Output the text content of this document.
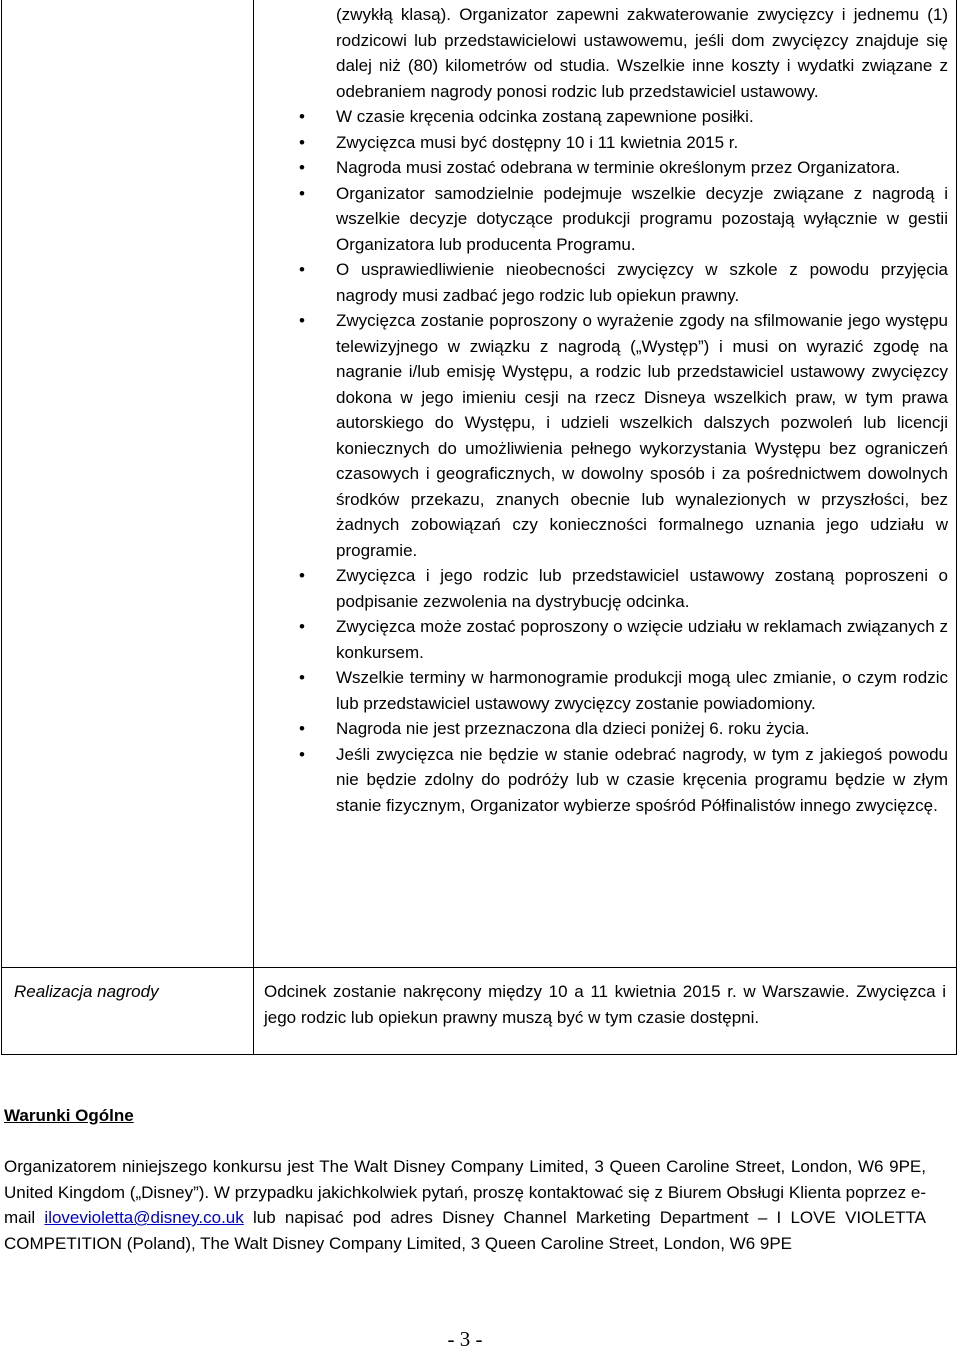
(zwykłą klasą). Organizator zapewni zakwaterowanie zwycięzcy i jednemu (1) rodzicowi lub przedstawicielowi ustawowemu, jeśli dom zwycięzcy znajduje się dalej niż (80) kilometrów od studia. Wszelkie inne koszty i wydatki związane z odebraniem nagrody ponosi rodzic lub przedstawiciel ustawowy.

• W czasie kręcenia odcinka zostaną zapewnione posiłki.
• Zwycięzca musi być dostępny 10 i 11 kwietnia 2015 r.
• Nagroda musi zostać odebrana w terminie określonym przez Organizatora.
• Organizator samodzielnie podejmuje wszelkie decyzje związane z nagrodą i wszelkie decyzje dotyczące produkcji programu pozostają wyłącznie w gestii Organizatora lub producenta Programu.
• O usprawiedliwienie nieobecności zwycięzcy w szkole z powodu przyjęcia nagrody musi zadbać jego rodzic lub opiekun prawny.
• Zwycięzca zostanie poproszony o wyrażenie zgody na sfilmowanie jego występu telewizyjnego w związku z nagrodą („Występ”) i musi on wyrazić zgodę na nagranie i/lub emisję Występu, a rodzic lub przedstawiciel ustawowy zwycięzcy dokona w jego imieniu cesji na rzecz Disneya wszelkich praw, w tym prawa autorskiego do Występu, i udzieli wszelkich dalszych pozwoleń lub licencji koniecznych do umożliwienia pełnego wykorzystania Występu bez ograniczeń czasowych i geograficznych, w dowolny sposób i za pośrednictwem dowolnych środków przekazu, znanych obecnie lub wynalezionych w przyszłości, bez żadnych zobowiązań czy konieczności formalnego uznania jego udziału w programie.
• Zwycięzca i jego rodzic lub przedstawiciel ustawowy zostaną poproszeni o podpisanie zezwolenia na dystrybucję odcinka.
• Zwycięzca może zostać poproszony o wzięcie udziału w reklamach związanych z konkursem.
• Wszelkie terminy w harmonogramie produkcji mogą ulec zmianie, o czym rodzic lub przedstawiciel ustawowy zwycięzcy zostanie powiadomiony.
• Nagroda nie jest przeznaczona dla dzieci poniżej 6. roku życia.
• Jeśli zwycięzca nie będzie w stanie odebrać nagrody, w tym z jakiegoś powodu nie będzie zdolny do podróży lub w czasie kręcenia programu będzie w złym stanie fizycznym, Organizator wybierze spośród Półfinalistów innego zwycięzcę.
Realizacja nagrody	Odcinek zostanie nakręcony między 10 a 11 kwietnia 2015 r. w Warszawie. Zwycięzca i jego rodzic lub opiekun prawny muszą być w tym czasie dostępni.

Warunki Ogólne

Organizatorem niniejszego konkursu jest The Walt Disney Company Limited, 3 Queen Caroline Street, London, W6 9PE, United Kingdom („Disney”). W przypadku jakichkolwiek pytań, proszę kontaktować się z Biurem Obsługi Klienta poprzez e-mail ilovevioletta@disney.co.uk lub napisać pod adres Disney Channel Marketing Department – I LOVE VIOLETTA COMPETITION (Poland), The Walt Disney Company Limited, 3 Queen Caroline Street, London, W6 9PE

- 3 -
